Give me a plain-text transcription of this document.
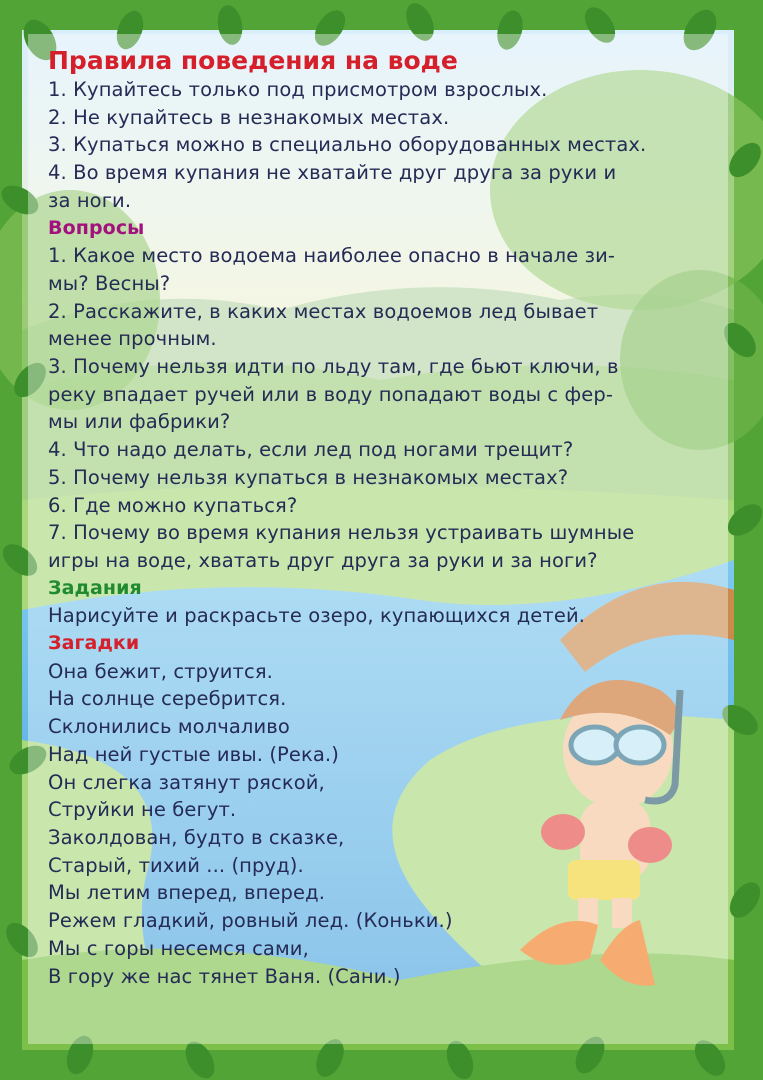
Правила поведения на воде
1. Купайтесь только под присмотром взрослых.
2. Не купайтесь в незнакомых местах.
3. Купаться можно в специально оборудованных местах.
4. Во время купания не хватайте друг друга за руки и
за ноги.
Вопросы
1. Какое место водоема наиболее опасно в начале зи-
мы? Весны?
2. Расскажите, в каких местах водоемов лед бывает
менее прочным.
3. Почему нельзя идти по льду там, где бьют ключи, в
реку впадает ручей или в воду попадают воды с фер-
мы или фабрики?
4. Что надо делать, если лед под ногами трещит?
5. Почему нельзя купаться в незнакомых местах?
6. Где можно купаться?
7. Почему во время купания нельзя устраивать шумные
игры на воде, хватать друг друга за руки и за ноги?
Задания
Нарисуйте и раскрасьте озеро, купающихся детей.
Загадки
Она бежит, струится.
На солнце серебрится.
Склонились молчаливо
Над ней густые ивы. (Река.)
Он слегка затянут ряской,
Струйки не бегут.
Заколдован, будто в сказке,
Старый, тихий ... (пруд).
Мы летим вперед, вперед.
Режем гладкий, ровный лед. (Коньки.)
Мы с горы несемся сами,
В гору же нас тянет Ваня. (Сани.)
